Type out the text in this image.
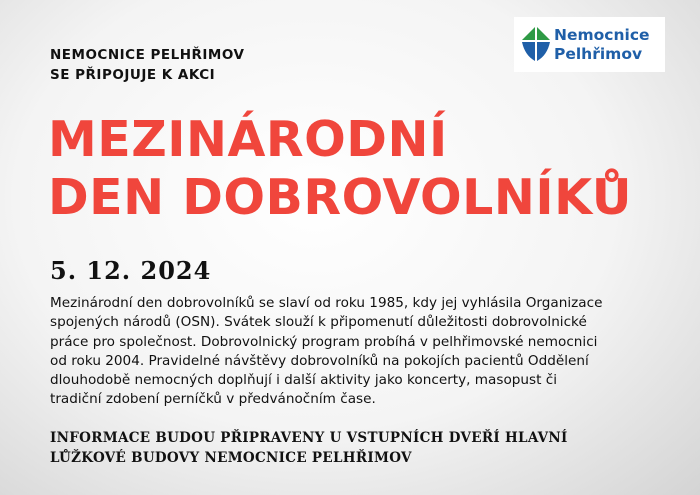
NEMOCNICE PELHŘIMOV
SE PŘIPOJUJE K AKCI
Nemocnice
Pelhřimov
MEZINÁRODNÍ
DEN DOBROVOLNÍKŮ
5. 12. 2024
Mezinárodní den dobrovolníků se slaví od roku 1985, kdy jej vyhlásila Organizace
spojených národů (OSN). Svátek slouží k připomenutí důležitosti dobrovolnické
práce pro společnost. Dobrovolnický program probíhá v pelhřimovské nemocnici
od roku 2004. Pravidelné návštěvy dobrovolníků na pokojích pacientů Oddělení
dlouhodobě nemocných doplňují i další aktivity jako koncerty, masopust či
tradiční zdobení perníčků v předvánočním čase.
INFORMACE BUDOU PŘIPRAVENY U VSTUPNÍCH DVEŘÍ HLAVNÍ
LŮŽKOVÉ BUDOVY NEMOCNICE PELHŘIMOV
